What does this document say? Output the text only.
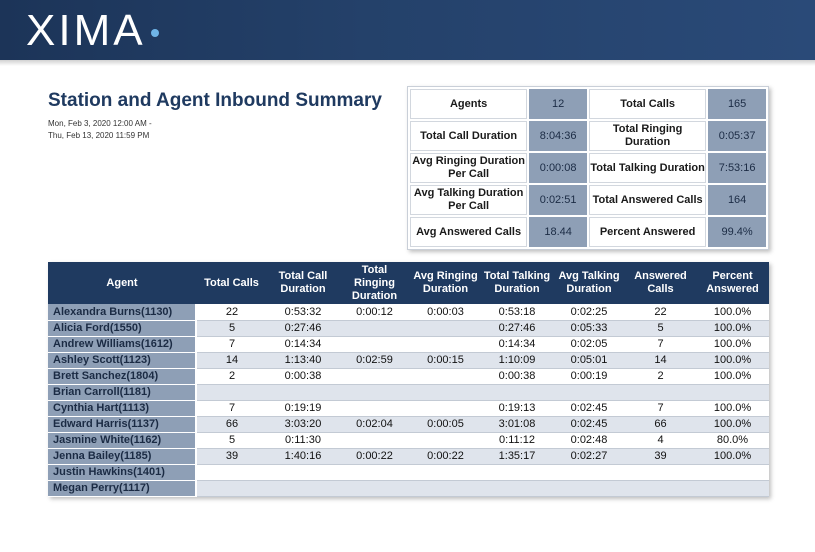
XIMA
Station and Agent Inbound Summary
Mon, Feb 3, 2020 12:00 AM -
Thu, Feb 13, 2020 11:59 PM
Agents	12	Total Calls	165
Total Call Duration	8:04:36	Total Ringing Duration	0:05:37
Avg Ringing Duration Per Call	0:00:08	Total Talking Duration	7:53:16
Avg Talking Duration Per Call	0:02:51	Total Answered Calls	164
Avg Answered Calls	18.44	Percent Answered	99.4%
Agent	Total Calls	Total Call Duration	Total Ringing Duration	Avg Ringing Duration	Total Talking Duration	Avg Talking Duration	Answered Calls	Percent Answered
Alexandra Burns(1130)	22	0:53:32	0:00:12	0:00:03	0:53:18	0:02:25	22	100.0%
Alicia Ford(1550)	5	0:27:46			0:27:46	0:05:33	5	100.0%
Andrew Williams(1612)	7	0:14:34			0:14:34	0:02:05	7	100.0%
Ashley Scott(1123)	14	1:13:40	0:02:59	0:00:15	1:10:09	0:05:01	14	100.0%
Brett Sanchez(1804)	2	0:00:38			0:00:38	0:00:19	2	100.0%
Brian Carroll(1181)								
Cynthia Hart(1113)	7	0:19:19			0:19:13	0:02:45	7	100.0%
Edward Harris(1137)	66	3:03:20	0:02:04	0:00:05	3:01:08	0:02:45	66	100.0%
Jasmine White(1162)	5	0:11:30			0:11:12	0:02:48	4	80.0%
Jenna Bailey(1185)	39	1:40:16	0:00:22	0:00:22	1:35:17	0:02:27	39	100.0%
Justin Hawkins(1401)								
Megan Perry(1117)								
